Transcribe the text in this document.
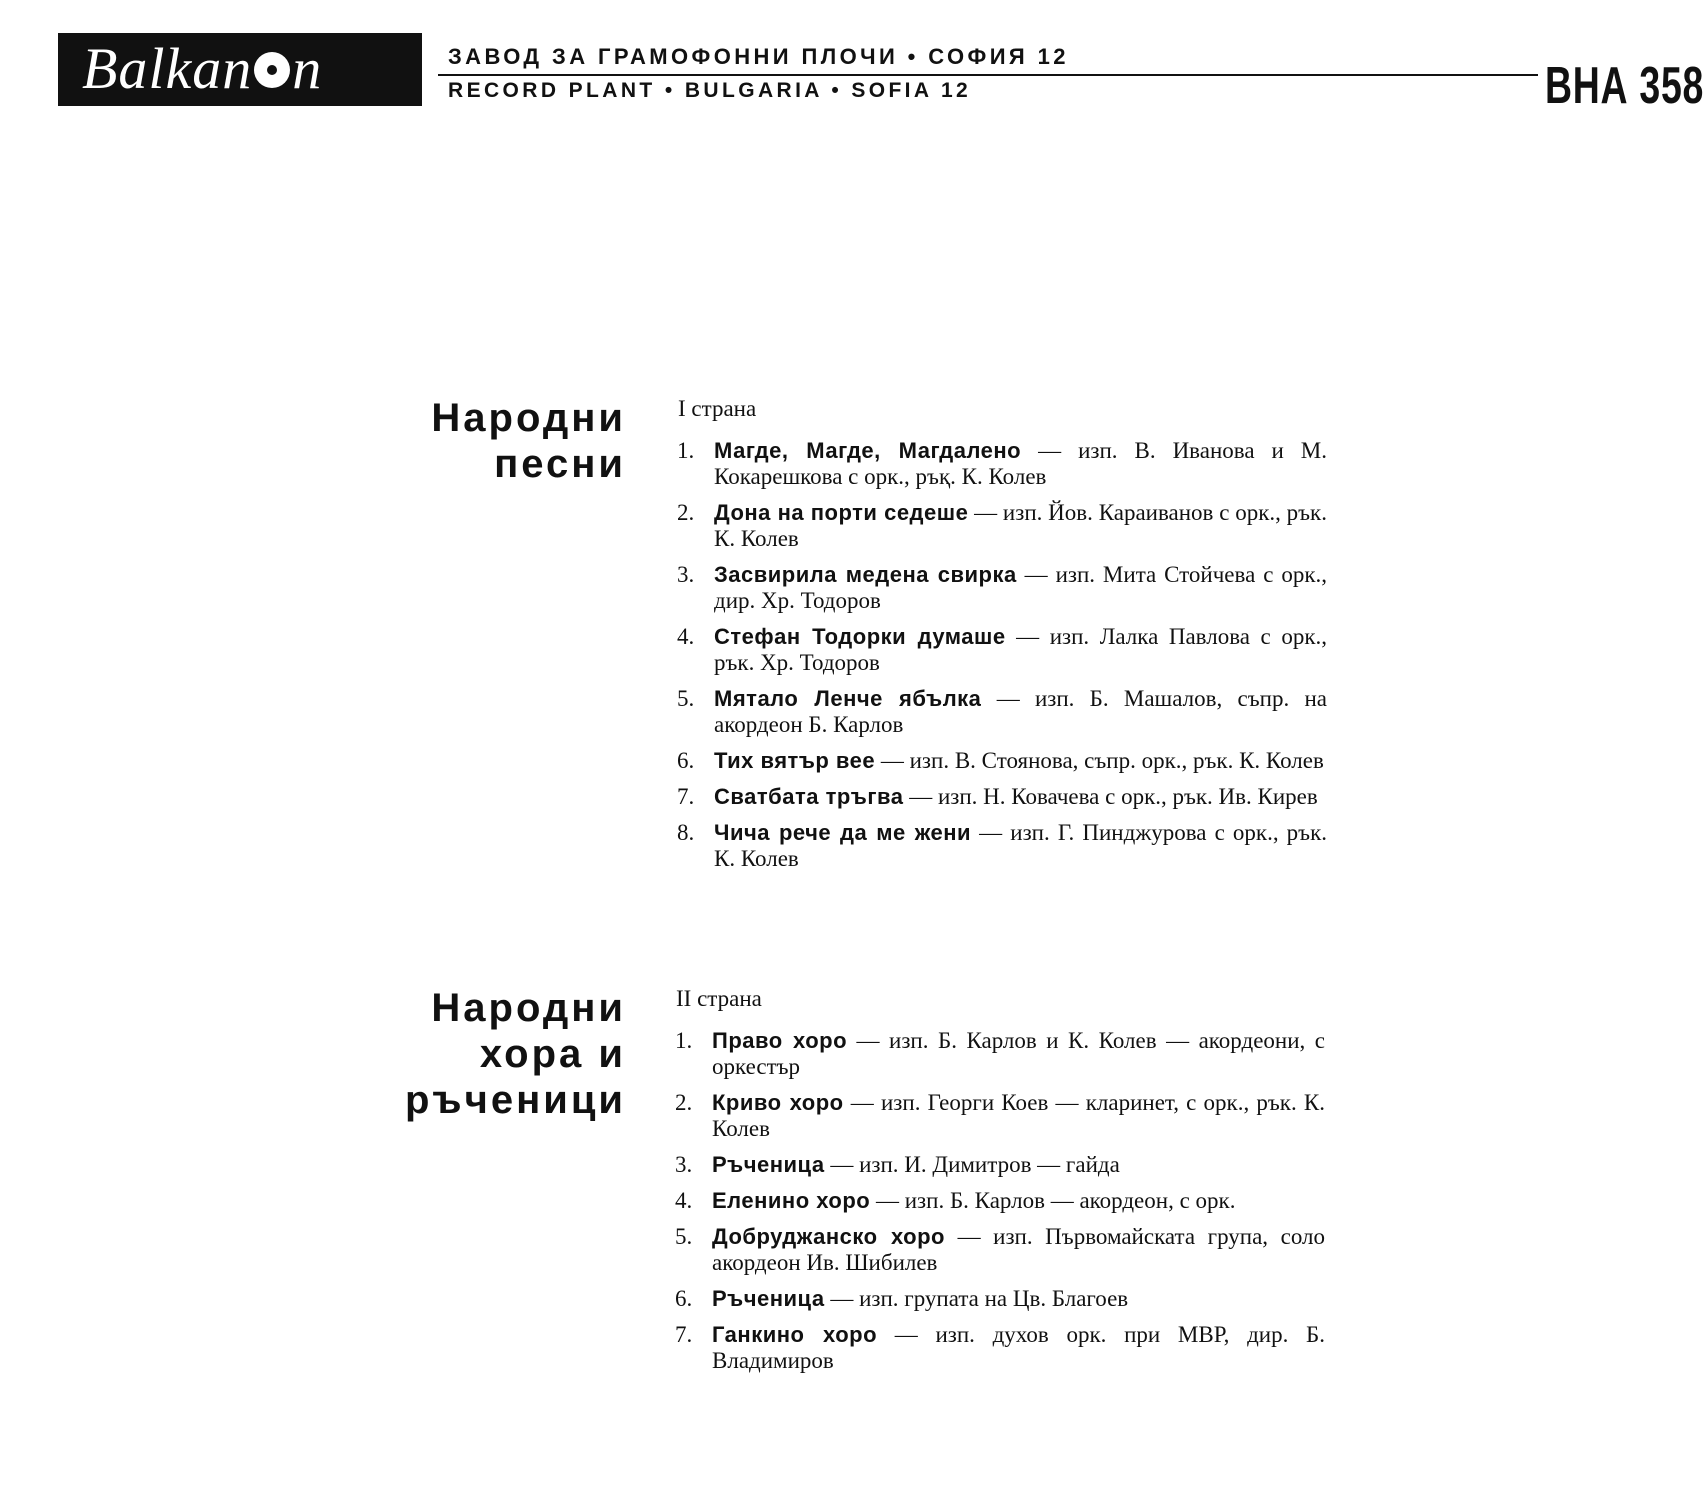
Balkan n	ЗАВОД ЗА ГРАМОФОННИ ПЛОЧИ • СОФИЯ 12
RECORD PLANT • BULGARIA • SOFIA 12	ВНА 358
Народни
песни
I страна
1. Магде, Магде, Магдалено — изп. В. Иванова и М. Кокарешкова с орк., ръқ. К. Колев
2. Дона на порти седеше — изп. Йов. Караиванов с орк., рък. К. Колев
3. Засвирила медена свирка — изп. Мита Стойчева с орк., дир. Хр. Тодоров
4. Стефан Тодорки думаше — изп. Лалка Павлова с орк., рък. Хр. Тодоров
5. Мятало Ленче ябълка — изп. Б. Машалов, съпр. на акордеон Б. Карлов
6. Тих вятър вее — изп. В. Стоянова, съпр. орк., рък. К. Колев
7. Сватбата тръгва — изп. Н. Ковачева с орк., рък. Ив. Кирев
8. Чича рече да ме жени — изп. Г. Пинджурова с орк., рък. К. Колев
Народни
хора и
ръченици
II страна
1. Право хоро — изп. Б. Карлов и К. Колев — акордеони, с оркестър
2. Криво хоро — изп. Георги Коев — кларинет, с орк., рък. К. Колев
3. Ръченица — изп. И. Димитров — гайда
4. Еленино хоро — изп. Б. Карлов — акордеон, с орк.
5. Добруджанско хоро — изп. Първомайската група, соло акордеон Ив. Шибилев
6. Ръченица — изп. групата на Цв. Благоев
7. Ганкино хоро — изп. духов орк. при МВР, дир. Б. Владимиров
